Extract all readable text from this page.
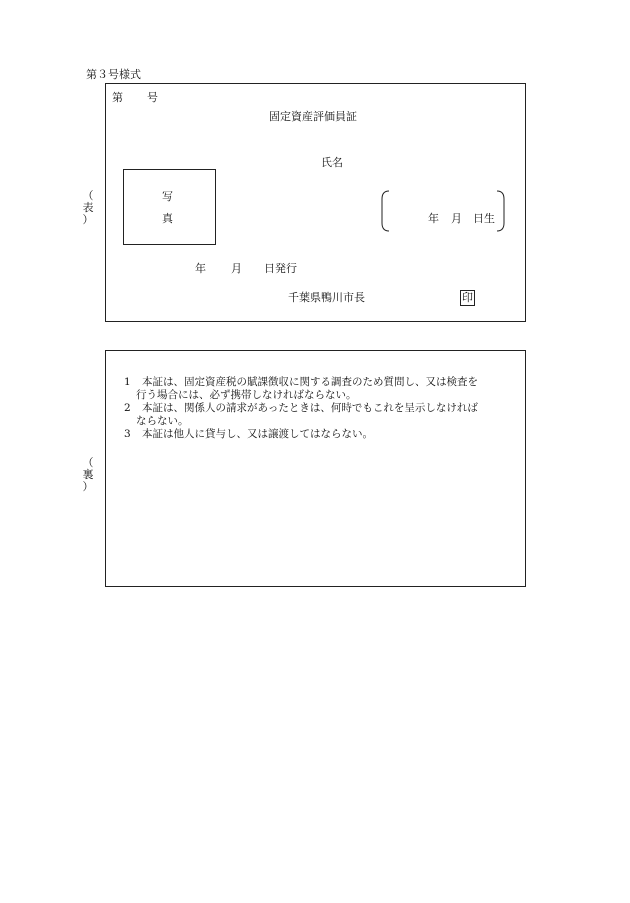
第３号様式
（
表
）
第 号
固定資産評価員証
氏名
写
真	年 月 日生
年 月 日発行
千葉県鴨川市長	印
（
裏
）
1 本証は、固定資産税の賦課徴収に関する調査のため質問し、又は検査を
行う場合には、必ず携帯しなければならない。
2 本証は、関係人の請求があったときは、何時でもこれを呈示しなければ
ならない。
3 本証は他人に貸与し、又は譲渡してはならない。
